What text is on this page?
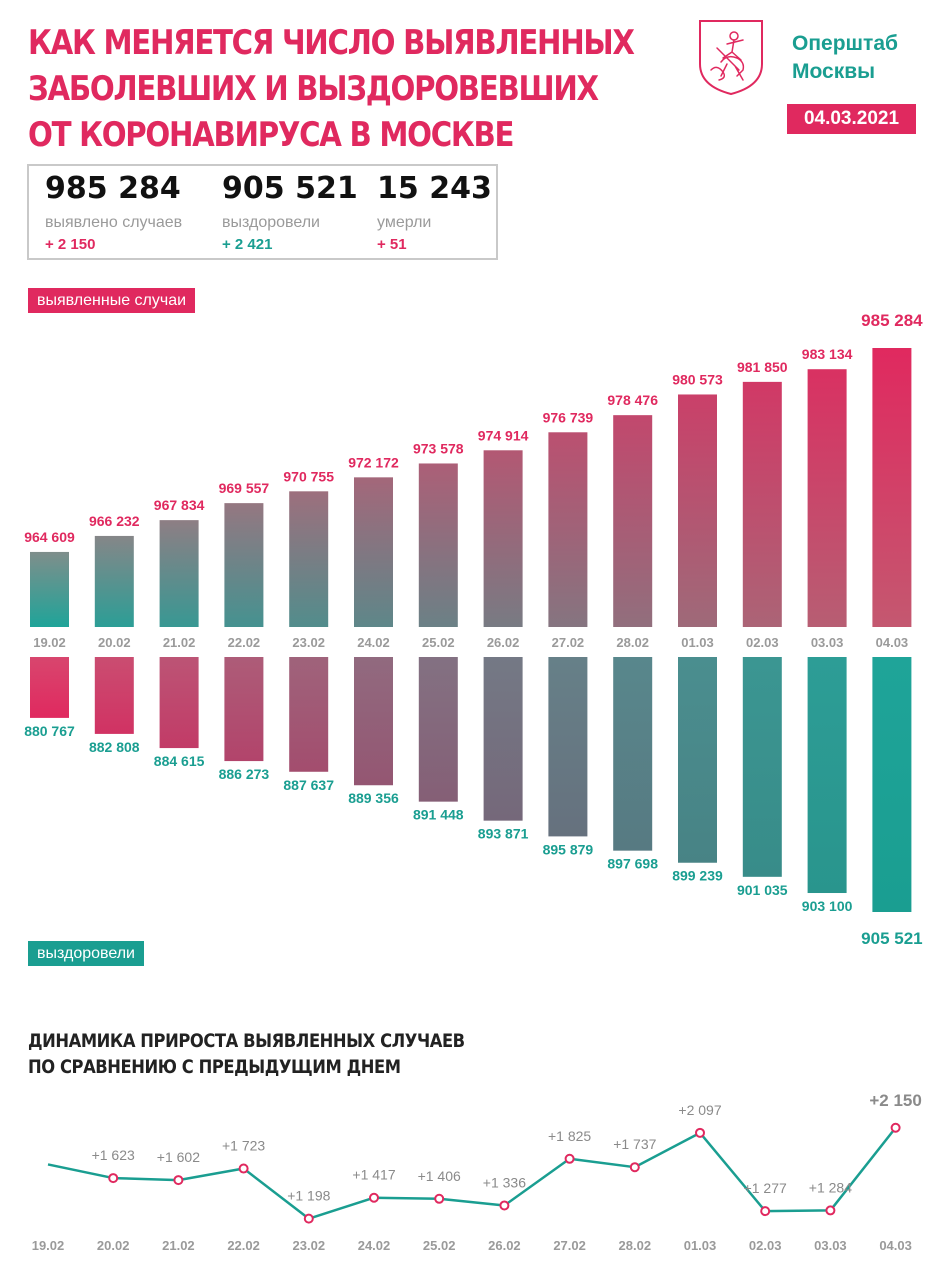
КАК МЕНЯЕТСЯ ЧИСЛО ВЫЯВЛЕННЫХ
ЗАБОЛЕВШИХ И ВЫЗДОРОВЕВШИХ
ОТ КОРОНАВИРУСА В МОСКВЕ
Оперштаб
Москвы
04.03.2021
985 284
выявлено случаев
+ 2 150
905 521
выздоровели
+ 2 421
15 243
умерли
+ 51
выявленные случаи
выздоровели
964 609
19.02
880 767
966 232
20.02
882 808
967 834
21.02
884 615
969 557
22.02
886 273
970 755
23.02
887 637
972 172
24.02
889 356
973 578
25.02
891 448
974 914
26.02
893 871
976 739
27.02
895 879
978 476
28.02
897 698
980 573
01.03
899 239
981 850
02.03
901 035
983 134
03.03
903 100
985 284
04.03
905 521
ДИНАМИКА ПРИРОСТА ВЫЯВЛЕННЫХ СЛУЧАЕВ
ПО СРАВНЕНИЮ С ПРЕДЫДУЩИМ ДНЕМ
19.02
+1 623
20.02
+1 602
21.02
+1 723
22.02
+1 198
23.02
+1 417
24.02
+1 406
25.02
+1 336
26.02
+1 825
27.02
+1 737
28.02
+2 097
01.03
+1 277
02.03
+1 284
03.03
+2 150
04.03
